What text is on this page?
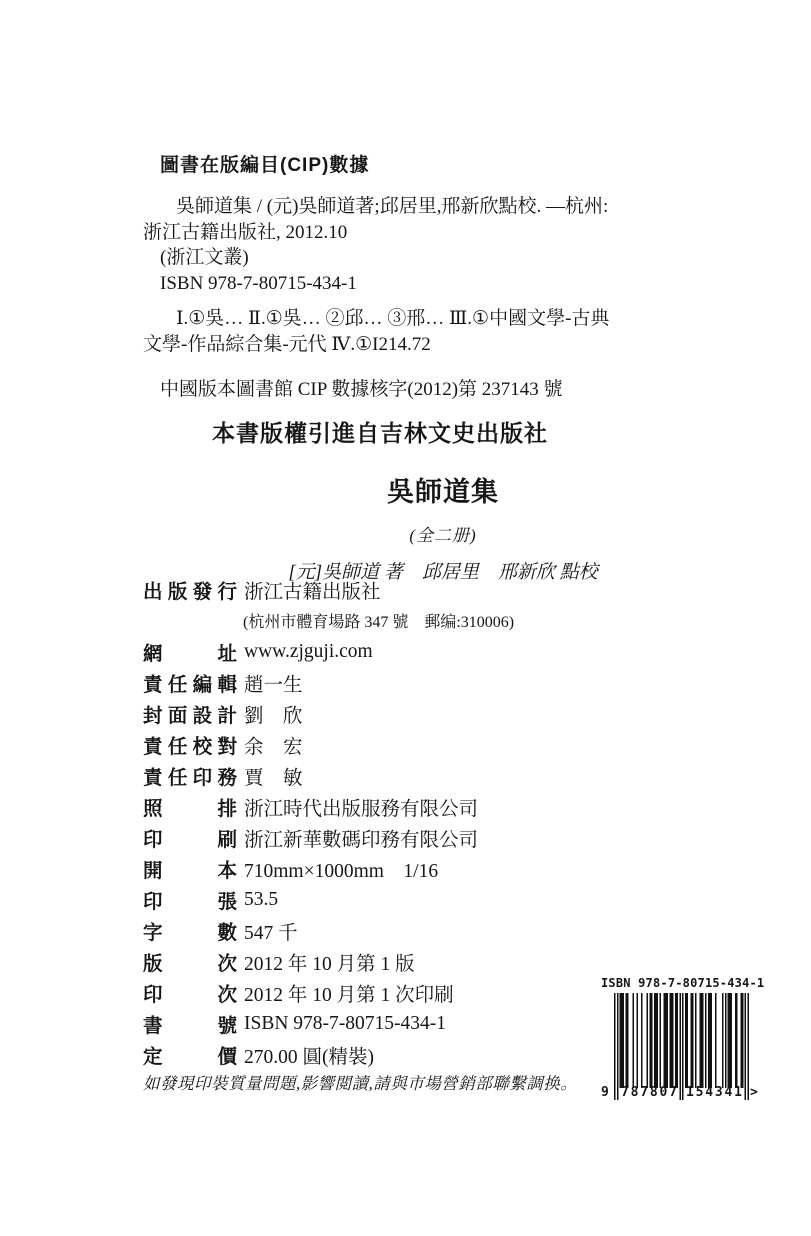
圖書在版編目(CIP)數據
吳師道集 / (元)吳師道著;邱居里,邢新欣點校. —杭州:
浙江古籍出版社, 2012.10
(浙江文叢)
ISBN 978-7-80715-434-1
Ⅰ.①吳… Ⅱ.①吳… ②邱… ③邢… Ⅲ.①中國文學-古典
文學-作品綜合集-元代 Ⅳ.①I214.72
中國版本圖書館 CIP 數據核字(2012)第 237143 號
本書版權引進自吉林文史出版社
吳師道集
(全二册)
[元]吳師道 著　邱居里　邢新欣 點校
出版發行 浙江古籍出版社
(杭州市體育場路 347 號　郵编:310006)
網址 www.zjguji.com
責任編輯 趙一生
封面設計 劉　欣
責任校對 余　宏
責任印務 賈　敏
照排 浙江時代出版服務有限公司
印刷 浙江新華數碼印務有限公司
開本 710mm×1000mm　1/16
印張 53.5
字數 547 千
版次 2012 年 10 月第 1 版
印次 2012 年 10 月第 1 次印刷
書號 ISBN 978-7-80715-434-1
定價 270.00 圓(精裝)
如發現印裝質量問題,影響閲讀,請與市場營銷部聯繫調换。
ISBN 978-7-80715-434-1
9 787807 154341 >
